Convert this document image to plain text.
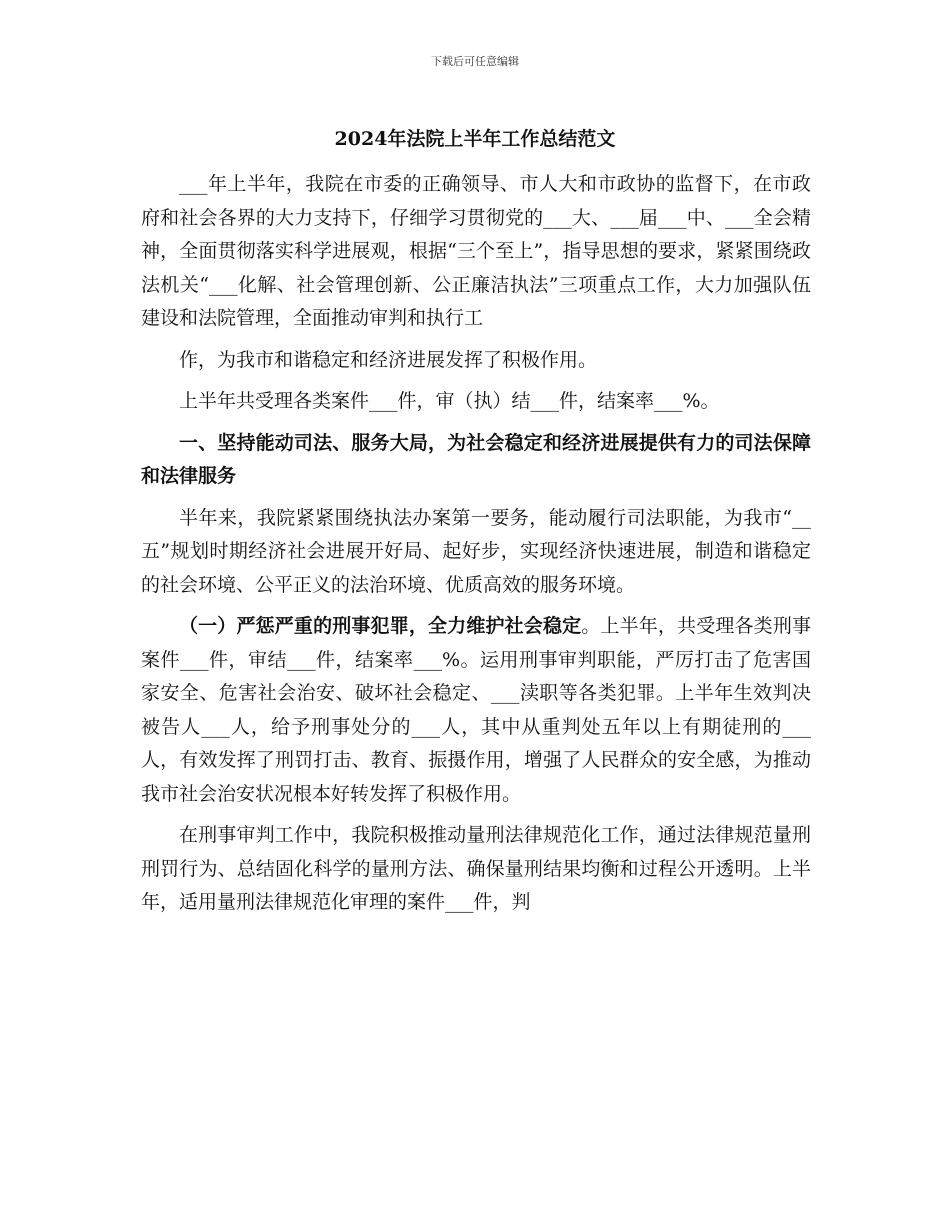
下载后可任意编辑
2024年法院上半年工作总结范文

___年上半年，我院在市委的正确领导、市人大和市政协的监督下，在市政府和社会各界的大力支持下，仔细学习贯彻党的___大、___届___中、___全会精神，全面贯彻落实科学进展观，根据“三个至上”，指导思想的要求，紧紧围绕政法机关“___化解、社会管理创新、公正廉洁执法”三项重点工作，大力加强队伍建设和法院管理，全面推动审判和执行工

作，为我市和谐稳定和经济进展发挥了积极作用。

上半年共受理各类案件___件，审（执）结___件，结案率___%。

一、坚持能动司法、服务大局，为社会稳定和经济进展提供有力的司法保障和法律服务

半年来，我院紧紧围绕执法办案第一要务，能动履行司法职能，为我市“__五”规划时期经济社会进展开好局、起好步，实现经济快速进展，制造和谐稳定的社会环境、公平正义的法治环境、优质高效的服务环境。

（一）严惩严重的刑事犯罪，全力维护社会稳定。上半年，共受理各类刑事案件___件，审结___件，结案率___%。运用刑事审判职能，严厉打击了危害国家安全、危害社会治安、破坏社会稳定、___渎职等各类犯罪。上半年生效判决被告人___人，给予刑事处分的___人，其中从重判处五年以上有期徒刑的___人，有效发挥了刑罚打击、教育、振摄作用，增强了人民群众的安全感，为推动我市社会治安状况根本好转发挥了积极作用。

在刑事审判工作中，我院积极推动量刑法律规范化工作，通过法律规范量刑刑罚行为、总结固化科学的量刑方法、确保量刑结果均衡和过程公开透明。上半年，适用量刑法律规范化审理的案件___件，判
